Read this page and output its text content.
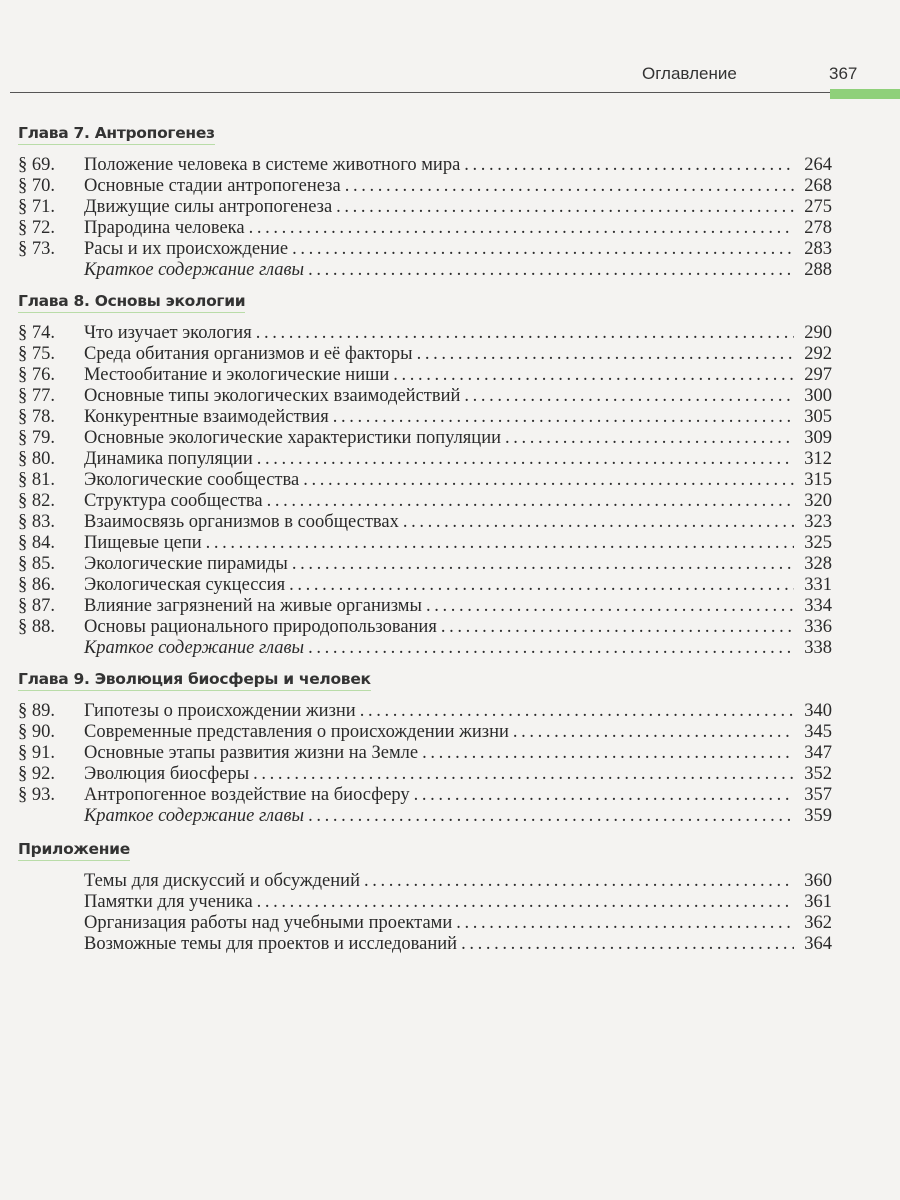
Оглавление	367
Глава 7. Антропогенез
§ 69.	Положение человека в системе животного мира . . .	264
§ 70.	Основные стадии антропогенеза . . .	268
§ 71.	Движущие силы антропогенеза . . .	275
§ 72.	Прародина человека . . .	278
§ 73.	Расы и их происхождение . . .	283
Краткое содержание главы . . .	288
Глава 8. Основы экологии
§ 74.	Что изучает экология . . .	290
§ 75.	Среда обитания организмов и её факторы . . .	292
§ 76.	Местообитание и экологические ниши . . .	297
§ 77.	Основные типы экологических взаимодействий . . .	300
§ 78.	Конкурентные взаимодействия . . .	305
§ 79.	Основные экологические характеристики популяции . . .	309
§ 80.	Динамика популяции . . .	312
§ 81.	Экологические сообщества . . .	315
§ 82.	Структура сообщества . . .	320
§ 83.	Взаимосвязь организмов в сообществах . . .	323
§ 84.	Пищевые цепи . . .	325
§ 85.	Экологические пирамиды . . .	328
§ 86.	Экологическая сукцессия . . .	331
§ 87.	Влияние загрязнений на живые организмы . . .	334
§ 88.	Основы рационального природопользования . . .	336
Краткое содержание главы . . .	338
Глава 9. Эволюция биосферы и человек
§ 89.	Гипотезы о происхождении жизни . . .	340
§ 90.	Современные представления о происхождении жизни . . .	345
§ 91.	Основные этапы развития жизни на Земле . . .	347
§ 92.	Эволюция биосферы . . .	352
§ 93.	Антропогенное воздействие на биосферу . . .	357
Краткое содержание главы . . .	359
Приложение
Темы для дискуссий и обсуждений . . .	360
Памятки для ученика . . .	361
Организация работы над учебными проектами . . .	362
Возможные темы для проектов и исследований . . .	364
